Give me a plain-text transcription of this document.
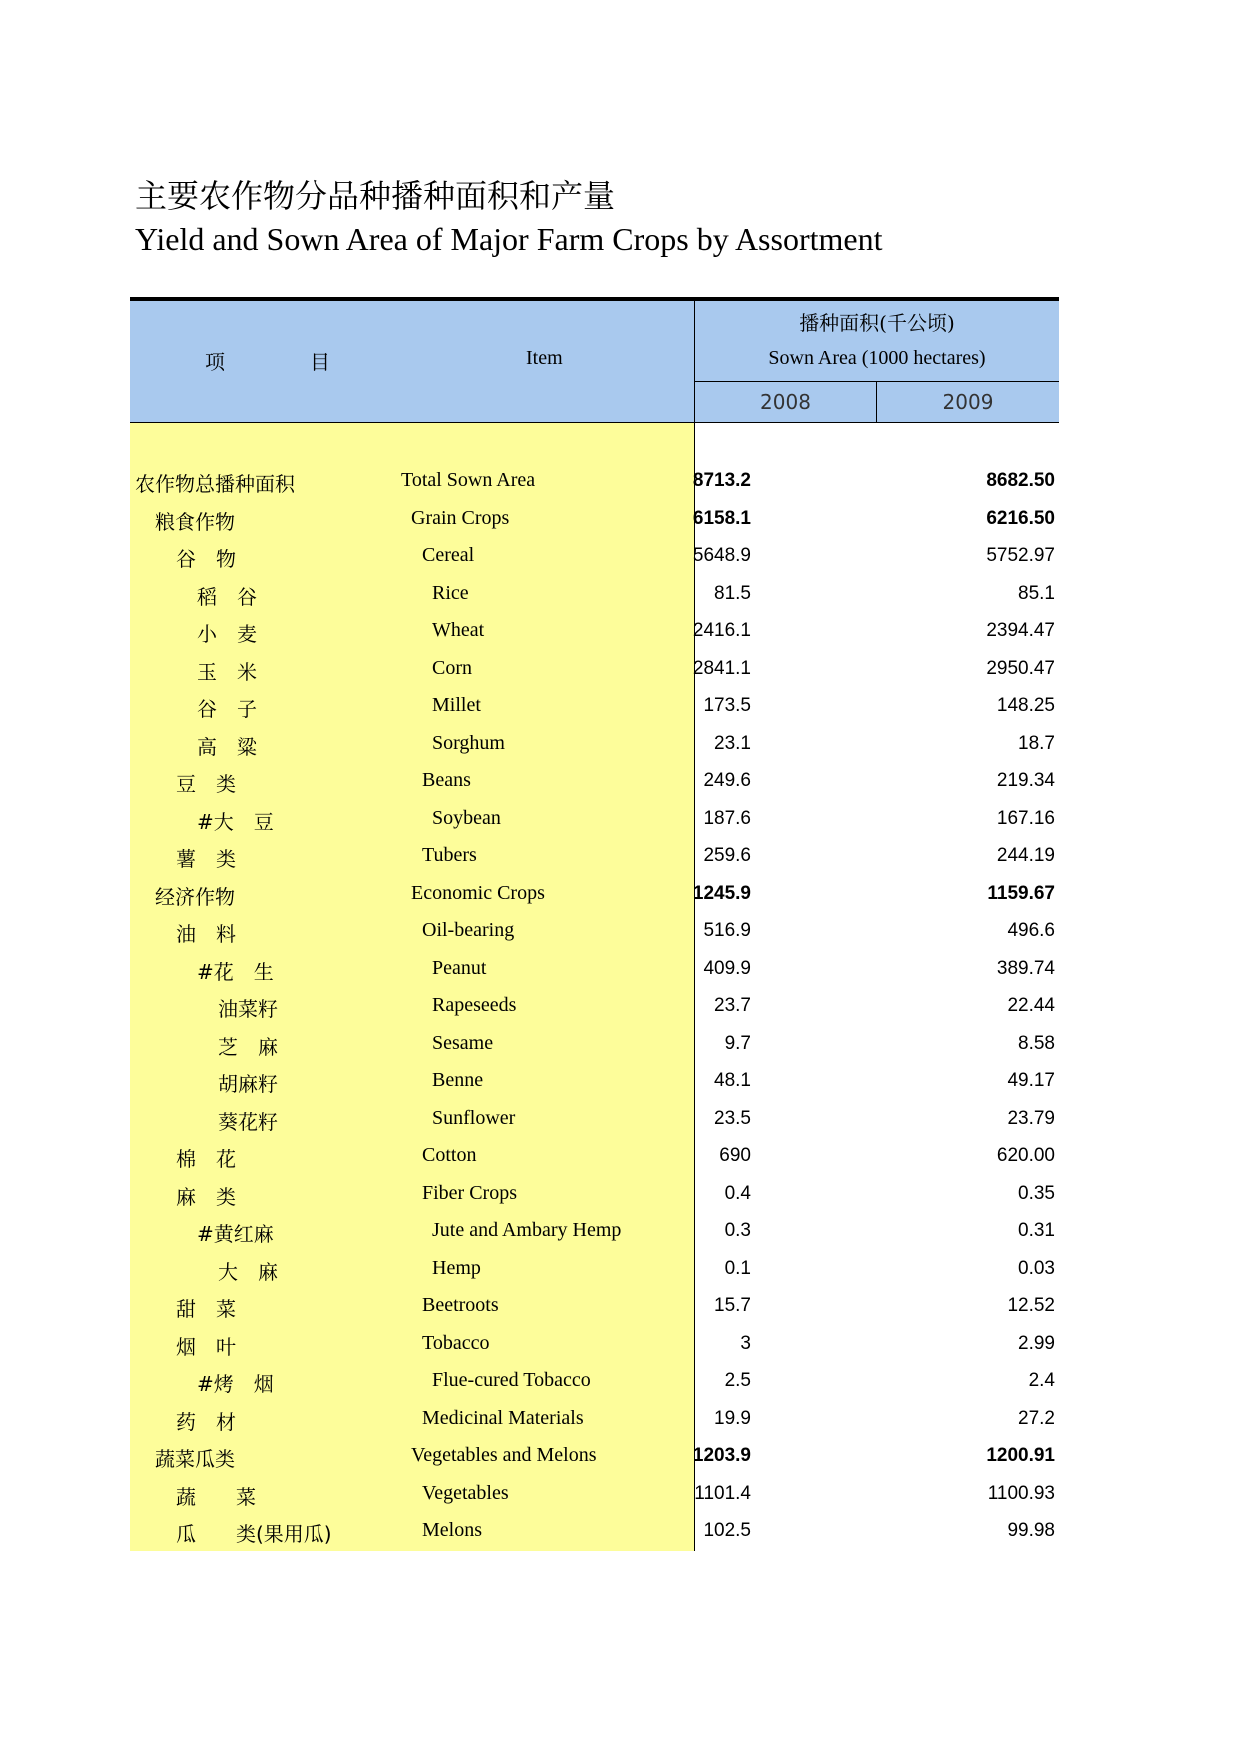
主要农作物分品种播种面积和产量
Yield and Sown Area of Major Farm Crops by Assortment
项	目	Item
播种面积(千公顷)
Sown Area (1000 hectares)
2008	2009
农作物总播种面积	Total Sown Area	8713.2	8682.50
粮食作物	Grain Crops	6158.1	6216.50
谷　物	Cereal	5648.9	5752.97
稻　谷	Rice	81.5	85.1
小　麦	Wheat	2416.1	2394.47
玉　米	Corn	2841.1	2950.47
谷　子	Millet	173.5	148.25
高　粱	Sorghum	23.1	18.7
豆　类	Beans	249.6	219.34
#大　豆	Soybean	187.6	167.16
薯　类	Tubers	259.6	244.19
经济作物	Economic Crops	1245.9	1159.67
油　料	Oil-bearing	516.9	496.6
#花　生	Peanut	409.9	389.74
油菜籽	Rapeseeds	23.7	22.44
芝　麻	Sesame	9.7	8.58
胡麻籽	Benne	48.1	49.17
葵花籽	Sunflower	23.5	23.79
棉　花	Cotton	690	620.00
麻　类	Fiber Crops	0.4	0.35
#黄红麻	Jute and Ambary Hemp	0.3	0.31
大　麻	Hemp	0.1	0.03
甜　菜	Beetroots	15.7	12.52
烟　叶	Tobacco	3	2.99
#烤　烟	Flue-cured Tobacco	2.5	2.4
药　材	Medicinal Materials	19.9	27.2
蔬菜瓜类	Vegetables and Melons	1203.9	1200.91
蔬　　菜	Vegetables	1101.4	1100.93
瓜　　类(果用瓜)	Melons	102.5	99.98
